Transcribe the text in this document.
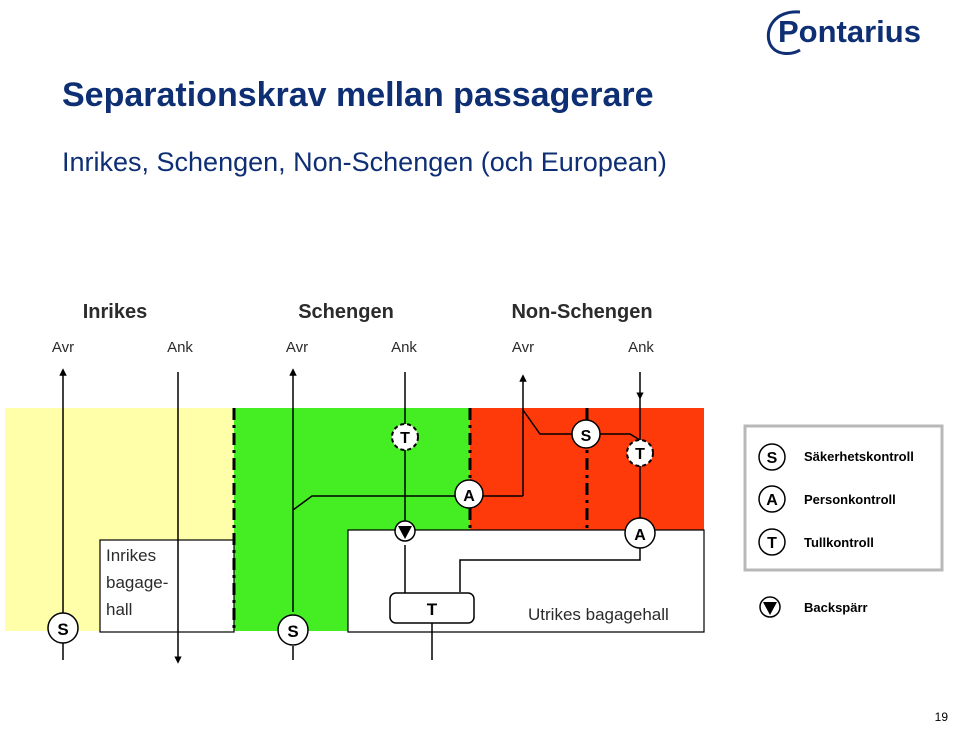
Pontarius
Separationskrav mellan passagerare
Inrikes, Schengen, Non-Schengen (och European)
Inrikes	Schengen	Non-Schengen
Avr	Ank	Avr	Ank	Avr	Ank
Inrikes
bagage-
hall	Utrikes bagagehall
S	S
S
T
T
A
A
T
S Säkerhetskontroll
A Personkontroll
T Tullkontroll
Backspärr
19
